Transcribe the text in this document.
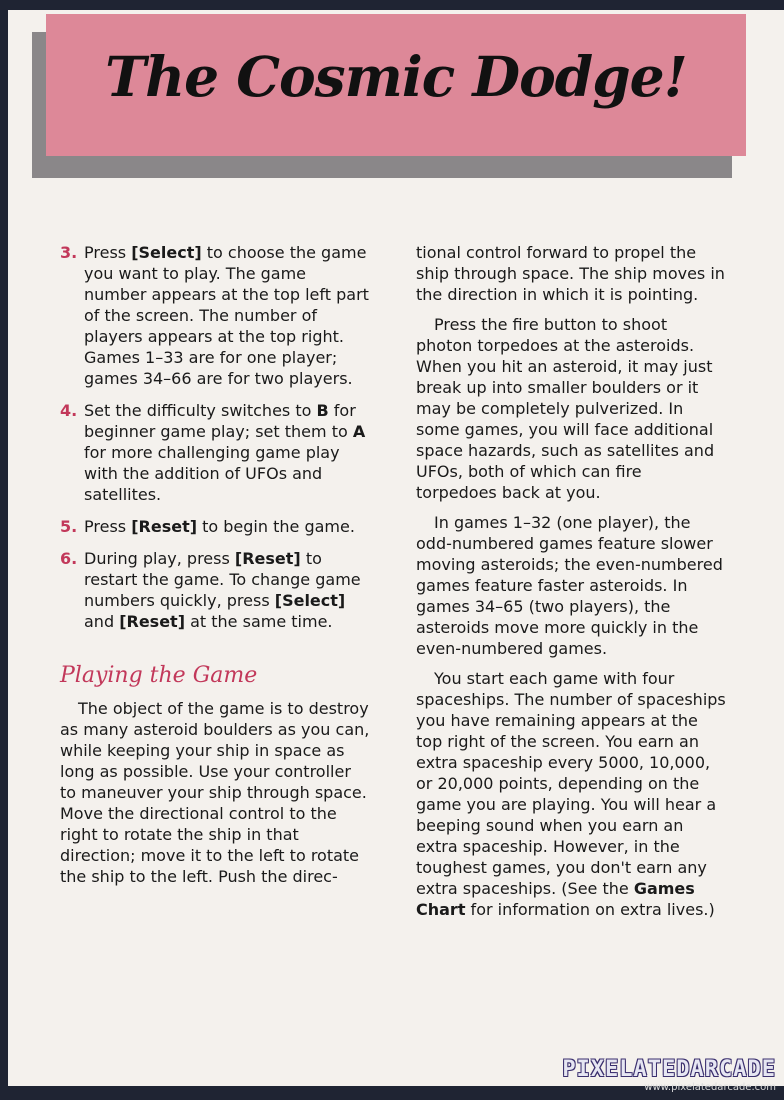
The Cosmic Dodge!
3. Press [Select] to choose the game you want to play. The game number appears at the top left part of the screen. The number of players appears at the top right. Games 1–33 are for one player; games 34–66 are for two players.
4. Set the difficulty switches to B for beginner game play; set them to A for more challenging game play with the addition of UFOs and satellites.
5. Press [Reset] to begin the game.
6. During play, press [Reset] to restart the game. To change game numbers quickly, press [Select] and [Reset] at the same time.
Playing the Game

The object of the game is to destroy as many asteroid boulders as you can, while keeping your ship in space as long as possible. Use your controller to maneuver your ship through space. Move the directional control to the right to rotate the ship in that direction; move it to the left to rotate the ship to the left. Push the direc-

tional control forward to propel the ship through space. The ship moves in the direction in which it is pointing.

Press the fire button to shoot photon torpedoes at the asteroids. When you hit an asteroid, it may just break up into smaller boulders or it may be completely pulverized. In some games, you will face additional space hazards, such as satellites and UFOs, both of which can fire torpedoes back at you.

In games 1–32 (one player), the odd-numbered games feature slower moving asteroids; the even-numbered games feature faster asteroids. In games 34–65 (two players), the asteroids move more quickly in the even-numbered games.

You start each game with four spaceships. The number of spaceships you have remaining appears at the top right of the screen. You earn an extra spaceship every 5000, 10,000, or 20,000 points, depending on the game you are playing. You will hear a beeping sound when you earn an extra spaceship. However, in the toughest games, you don't earn any extra spaceships. (See the Games Chart for information on extra lives.)

PIXELATEDARCADE
www.pixelatedarcade.com
